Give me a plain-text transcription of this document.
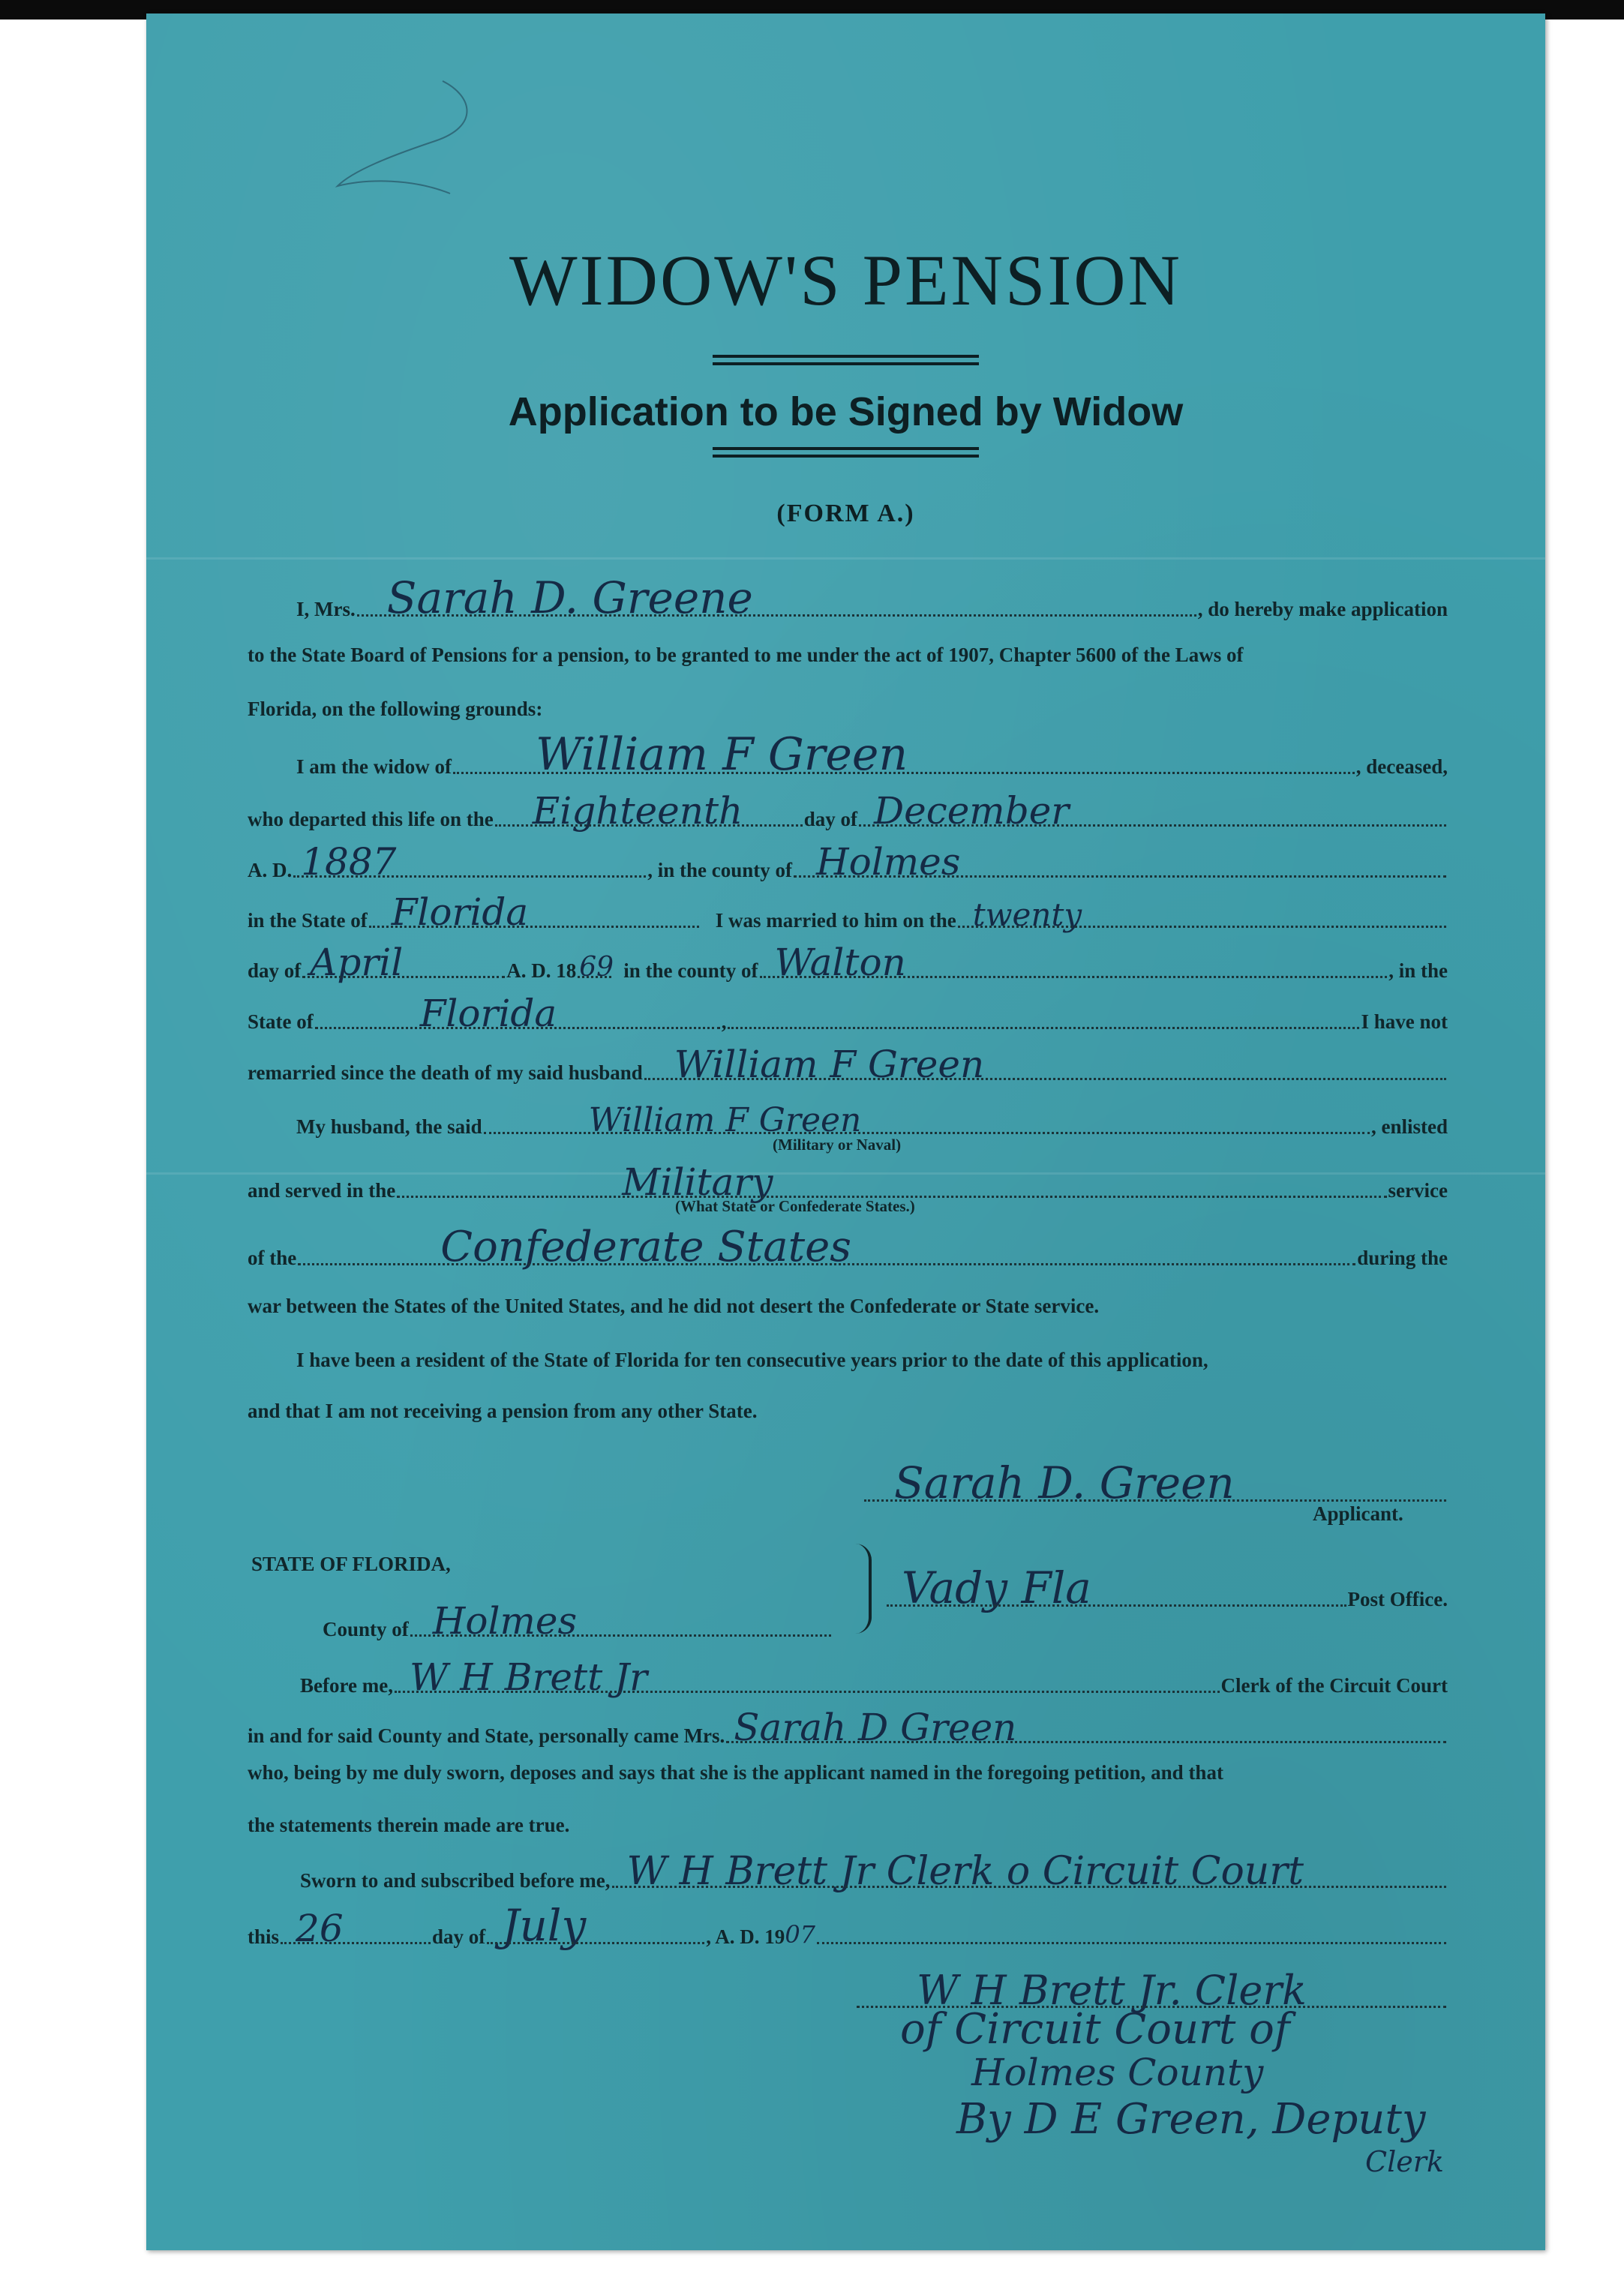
WIDOW'S PENSION
Application to be Signed by Widow
(FORM A.)
I, Mrs. Sarah D. Greene	, do hereby make application
to the State Board of Pensions for a pension, to be granted to me under the act of 1907, Chapter 5600 of the Laws of
Florida, on the following grounds:
I am the widow of William F Green	, deceased,
who departed this life on the Eighteenth	day of December
A. D. 1887	, in the county of Holmes
in the State of Florida	I was married to him on the twenty
day of April	A. D. 18 69 in the county of Walton	, in the
State of	Florida	,	I have not
remarried since the death of my said husband William F Green
My husband, the said	William F Green	, enlisted
(Military or Naval)
and served in the	Military	service
(What State or Confederate States.)
of the	Confederate States	during the
war between the States of the United States, and he did not desert the Confederate or State service.
I have been a resident of the State of Florida for ten consecutive years prior to the date of this application,
and that I am not receiving a pension from any other State.
Sarah D. Green
Applicant.
STATE OF FLORIDA,
County of Holmes
Vady Fla	Post Office.
Before me, W H Brett Jr	Clerk of the Circuit Court
in and for said County and State, personally came Mrs. Sarah D Green
who, being by me duly sworn, deposes and says that she is the applicant named in the foregoing petition, and that
the statements therein made are true.
Sworn to and subscribed before me, W H Brett Jr Clerk o Circuit Court
this 26	day of July	, A. D. 19 07
W H Brett Jr. Clerk
of Circuit Court of
Holmes County
By D E Green, Deputy
Clerk
